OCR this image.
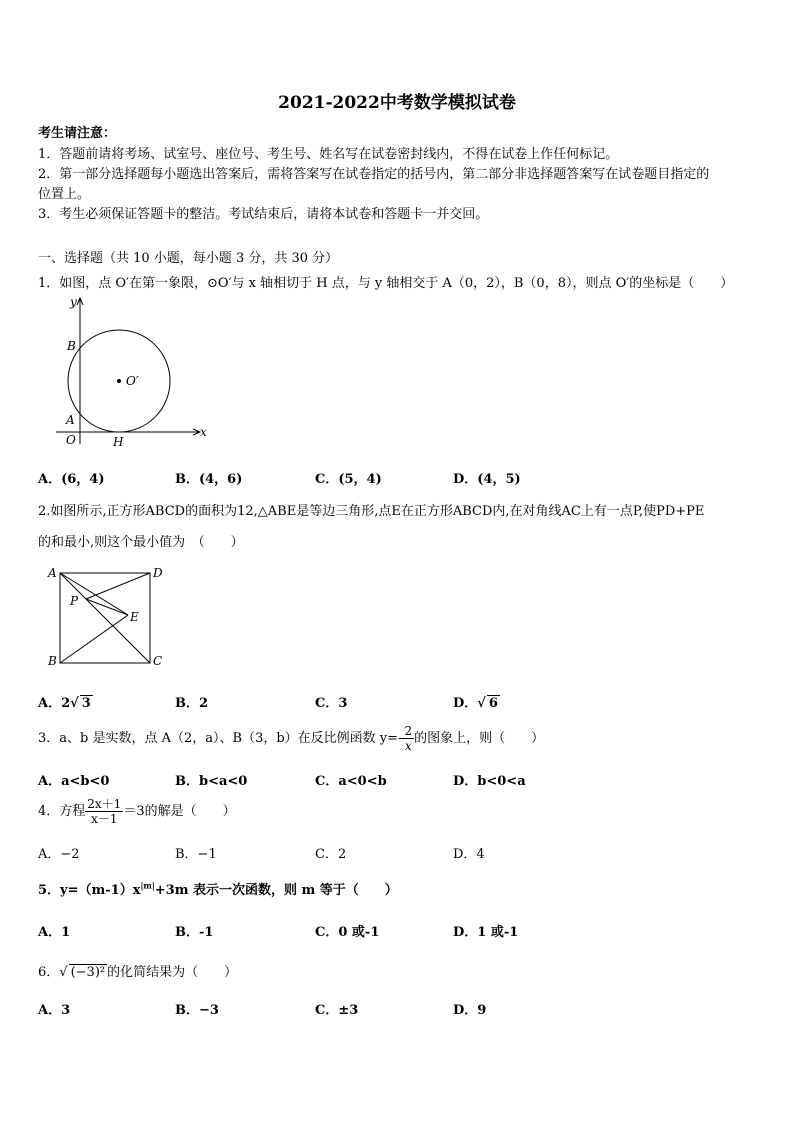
2021-2022中考数学模拟试卷
考生请注意：
1．答题前请将考场、试室号、座位号、考生号、姓名写在试卷密封线内，不得在试卷上作任何标记。
2．第一部分选择题每小题选出答案后，需将答案写在试卷指定的括号内，第二部分非选择题答案写在试卷题目指定的
位置上。
3．考生必须保证答题卡的整洁。考试结束后，请将本试卷和答题卡一并交回。
一、选择题（共 10 小题，每小题 3 分，共 30 分）
1．如图，点 O′在第一象限，⊙O′与 x 轴相切于 H 点，与 y 轴相交于 A（0，2），B（0，8），则点 O′的坐标是（　　）
y
x
B
A
O	H
O′
A．(6，4)	B．(4，6)	C．(5，4)	D．(4，5)
2.如图所示,正方形ABCD的面积为12,△ABE是等边三角形,点E在正方形ABCD内,在对角线AC上有一点P,使PD+PE
的和最小,则这个最小值为　（　　）
A	D
P
E
B	C
A．2√ 3	B．2	C．3	D．√ 6
3．a、b 是实数，点 A（2，a）、B（3，b）在反比例函数 $y=- \frac{2}{x}$ 的图象上，则（　　）
A．a<b<0	B．b<a<0	C．a<0<b	D．b<0<a
4．方程 $\frac{2x+1}{x-1} =3$的解是（　　）
A．−2	B．−1	C．2	D．4
5．$y=(m-1)x^{|m|}+3m$ 表示一次函数，则 m 等于（　　）
A．1	B．-1	C．0 或-1	D．1 或-1
6．√ (−3)² 的化简结果为（　　）
A．3	B．−3	C．±3	D．9
